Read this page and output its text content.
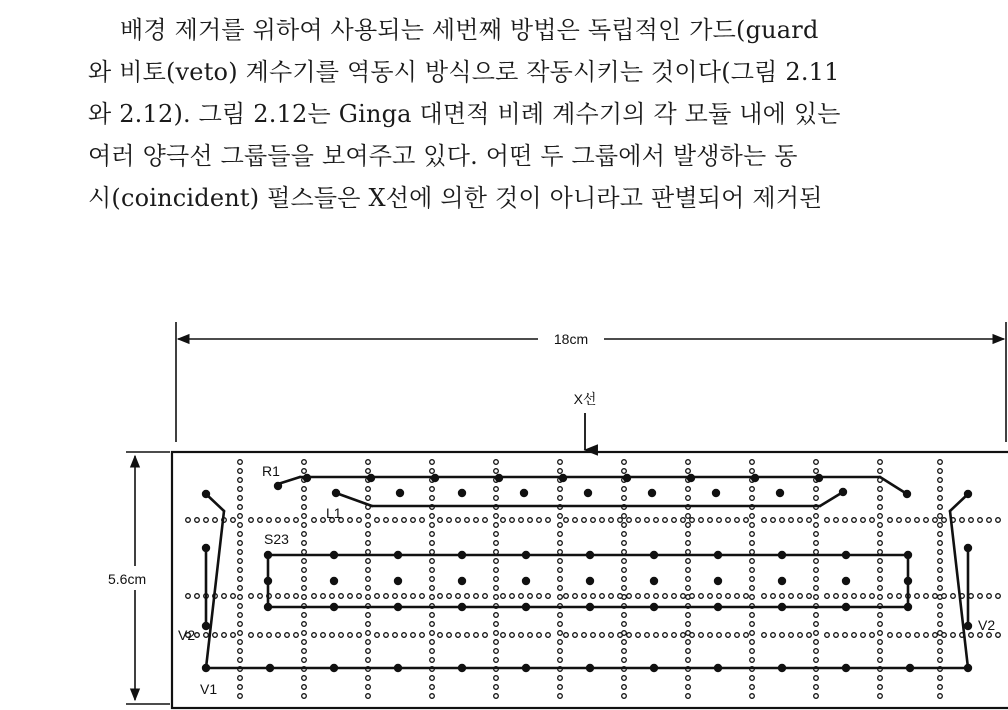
배경 제거를 위하여 사용되는 세번째 방법은 독립적인 가드(guard
와 비토(veto) 계수기를 역동시 방식으로 작동시키는 것이다(그림 2.11
와 2.12). 그림 2.12는 Ginga 대면적 비례 계수기의 각 모듈 내에 있는
여러 양극선 그룹들을 보여주고 있다. 어떤 두 그룹에서 발생하는 동
시(coincident) 펄스들은 X선에 의한 것이 아니라고 판별되어 제거된
18cm
X선
5.6cm
R1
L1
S23
V2
V2
V1
